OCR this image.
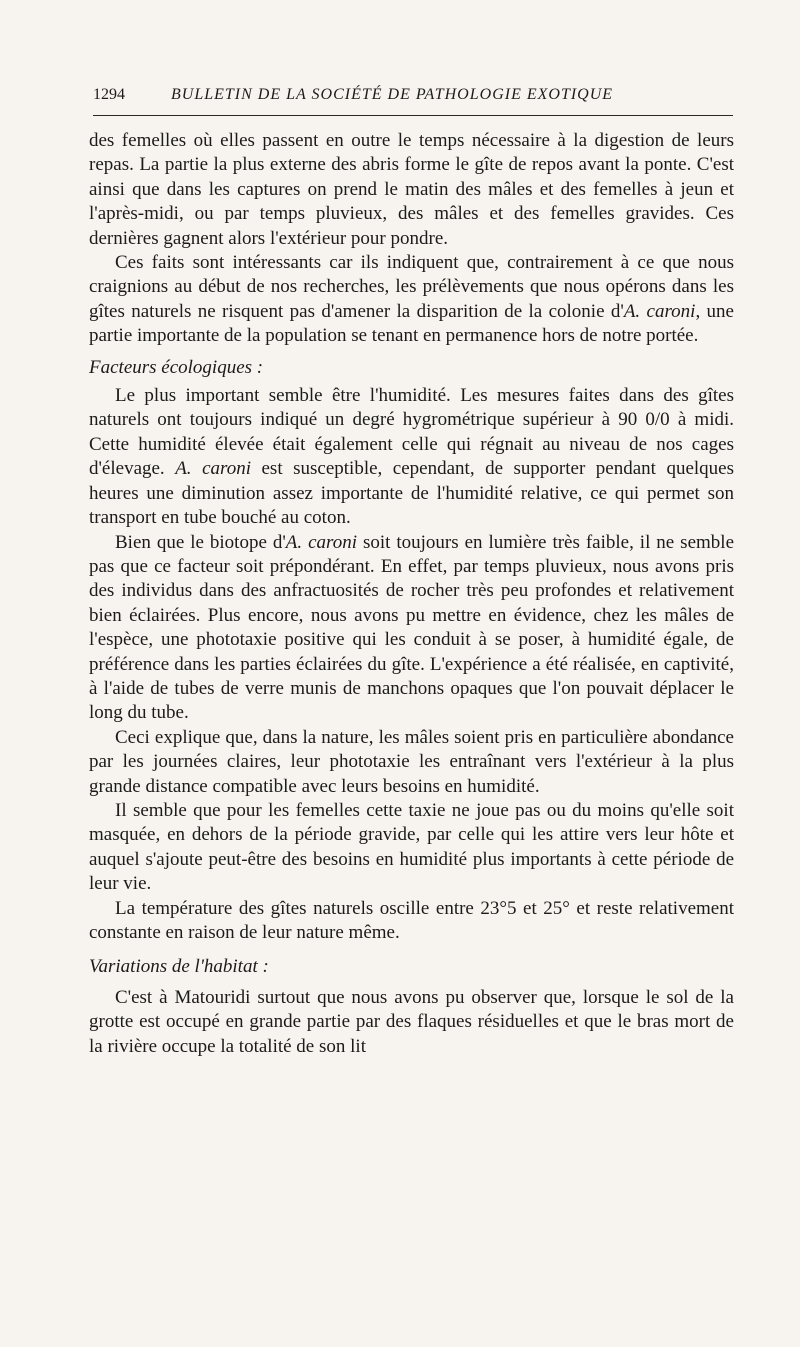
1294	BULLETIN DE LA SOCIÉTÉ DE PATHOLOGIE EXOTIQUE

des femelles où elles passent en outre le temps nécessaire à la digestion de leurs repas. La partie la plus externe des abris forme le gîte de repos avant la ponte. C'est ainsi que dans les captures on prend le matin des mâles et des femelles à jeun et l'après-midi, ou par temps pluvieux, des mâles et des femelles gravides. Ces dernières gagnent alors l'extérieur pour pondre.

Ces faits sont intéressants car ils indiquent que, contrairement à ce que nous craignions au début de nos recherches, les prélèvements que nous opérons dans les gîtes naturels ne risquent pas d'amener la disparition de la colonie d'A. caroni, une partie importante de la population se tenant en permanence hors de notre portée.

Facteurs écologiques :

Le plus important semble être l'humidité. Les mesures faites dans des gîtes naturels ont toujours indiqué un degré hygrométrique supérieur à 90 0/0 à midi. Cette humidité élevée était également celle qui régnait au niveau de nos cages d'élevage. A. caroni est susceptible, cependant, de supporter pendant quelques heures une diminution assez importante de l'humidité relative, ce qui permet son transport en tube bouché au coton.

Bien que le biotope d'A. caroni soit toujours en lumière très faible, il ne semble pas que ce facteur soit prépondérant. En effet, par temps pluvieux, nous avons pris des individus dans des anfractuosités de rocher très peu profondes et relativement bien éclairées. Plus encore, nous avons pu mettre en évidence, chez les mâles de l'espèce, une phototaxie positive qui les conduit à se poser, à humidité égale, de préférence dans les parties éclairées du gîte. L'expérience a été réalisée, en captivité, à l'aide de tubes de verre munis de manchons opaques que l'on pouvait déplacer le long du tube.

Ceci explique que, dans la nature, les mâles soient pris en particulière abondance par les journées claires, leur phototaxie les entraînant vers l'extérieur à la plus grande distance compatible avec leurs besoins en humidité.

Il semble que pour les femelles cette taxie ne joue pas ou du moins qu'elle soit masquée, en dehors de la période gravide, par celle qui les attire vers leur hôte et auquel s'ajoute peut-être des besoins en humidité plus importants à cette période de leur vie.

La température des gîtes naturels oscille entre 23°5 et 25° et reste relativement constante en raison de leur nature même.

Variations de l'habitat :

C'est à Matouridi surtout que nous avons pu observer que, lorsque le sol de la grotte est occupé en grande partie par des flaques résiduelles et que le bras mort de la rivière occupe la totalité de son lit
